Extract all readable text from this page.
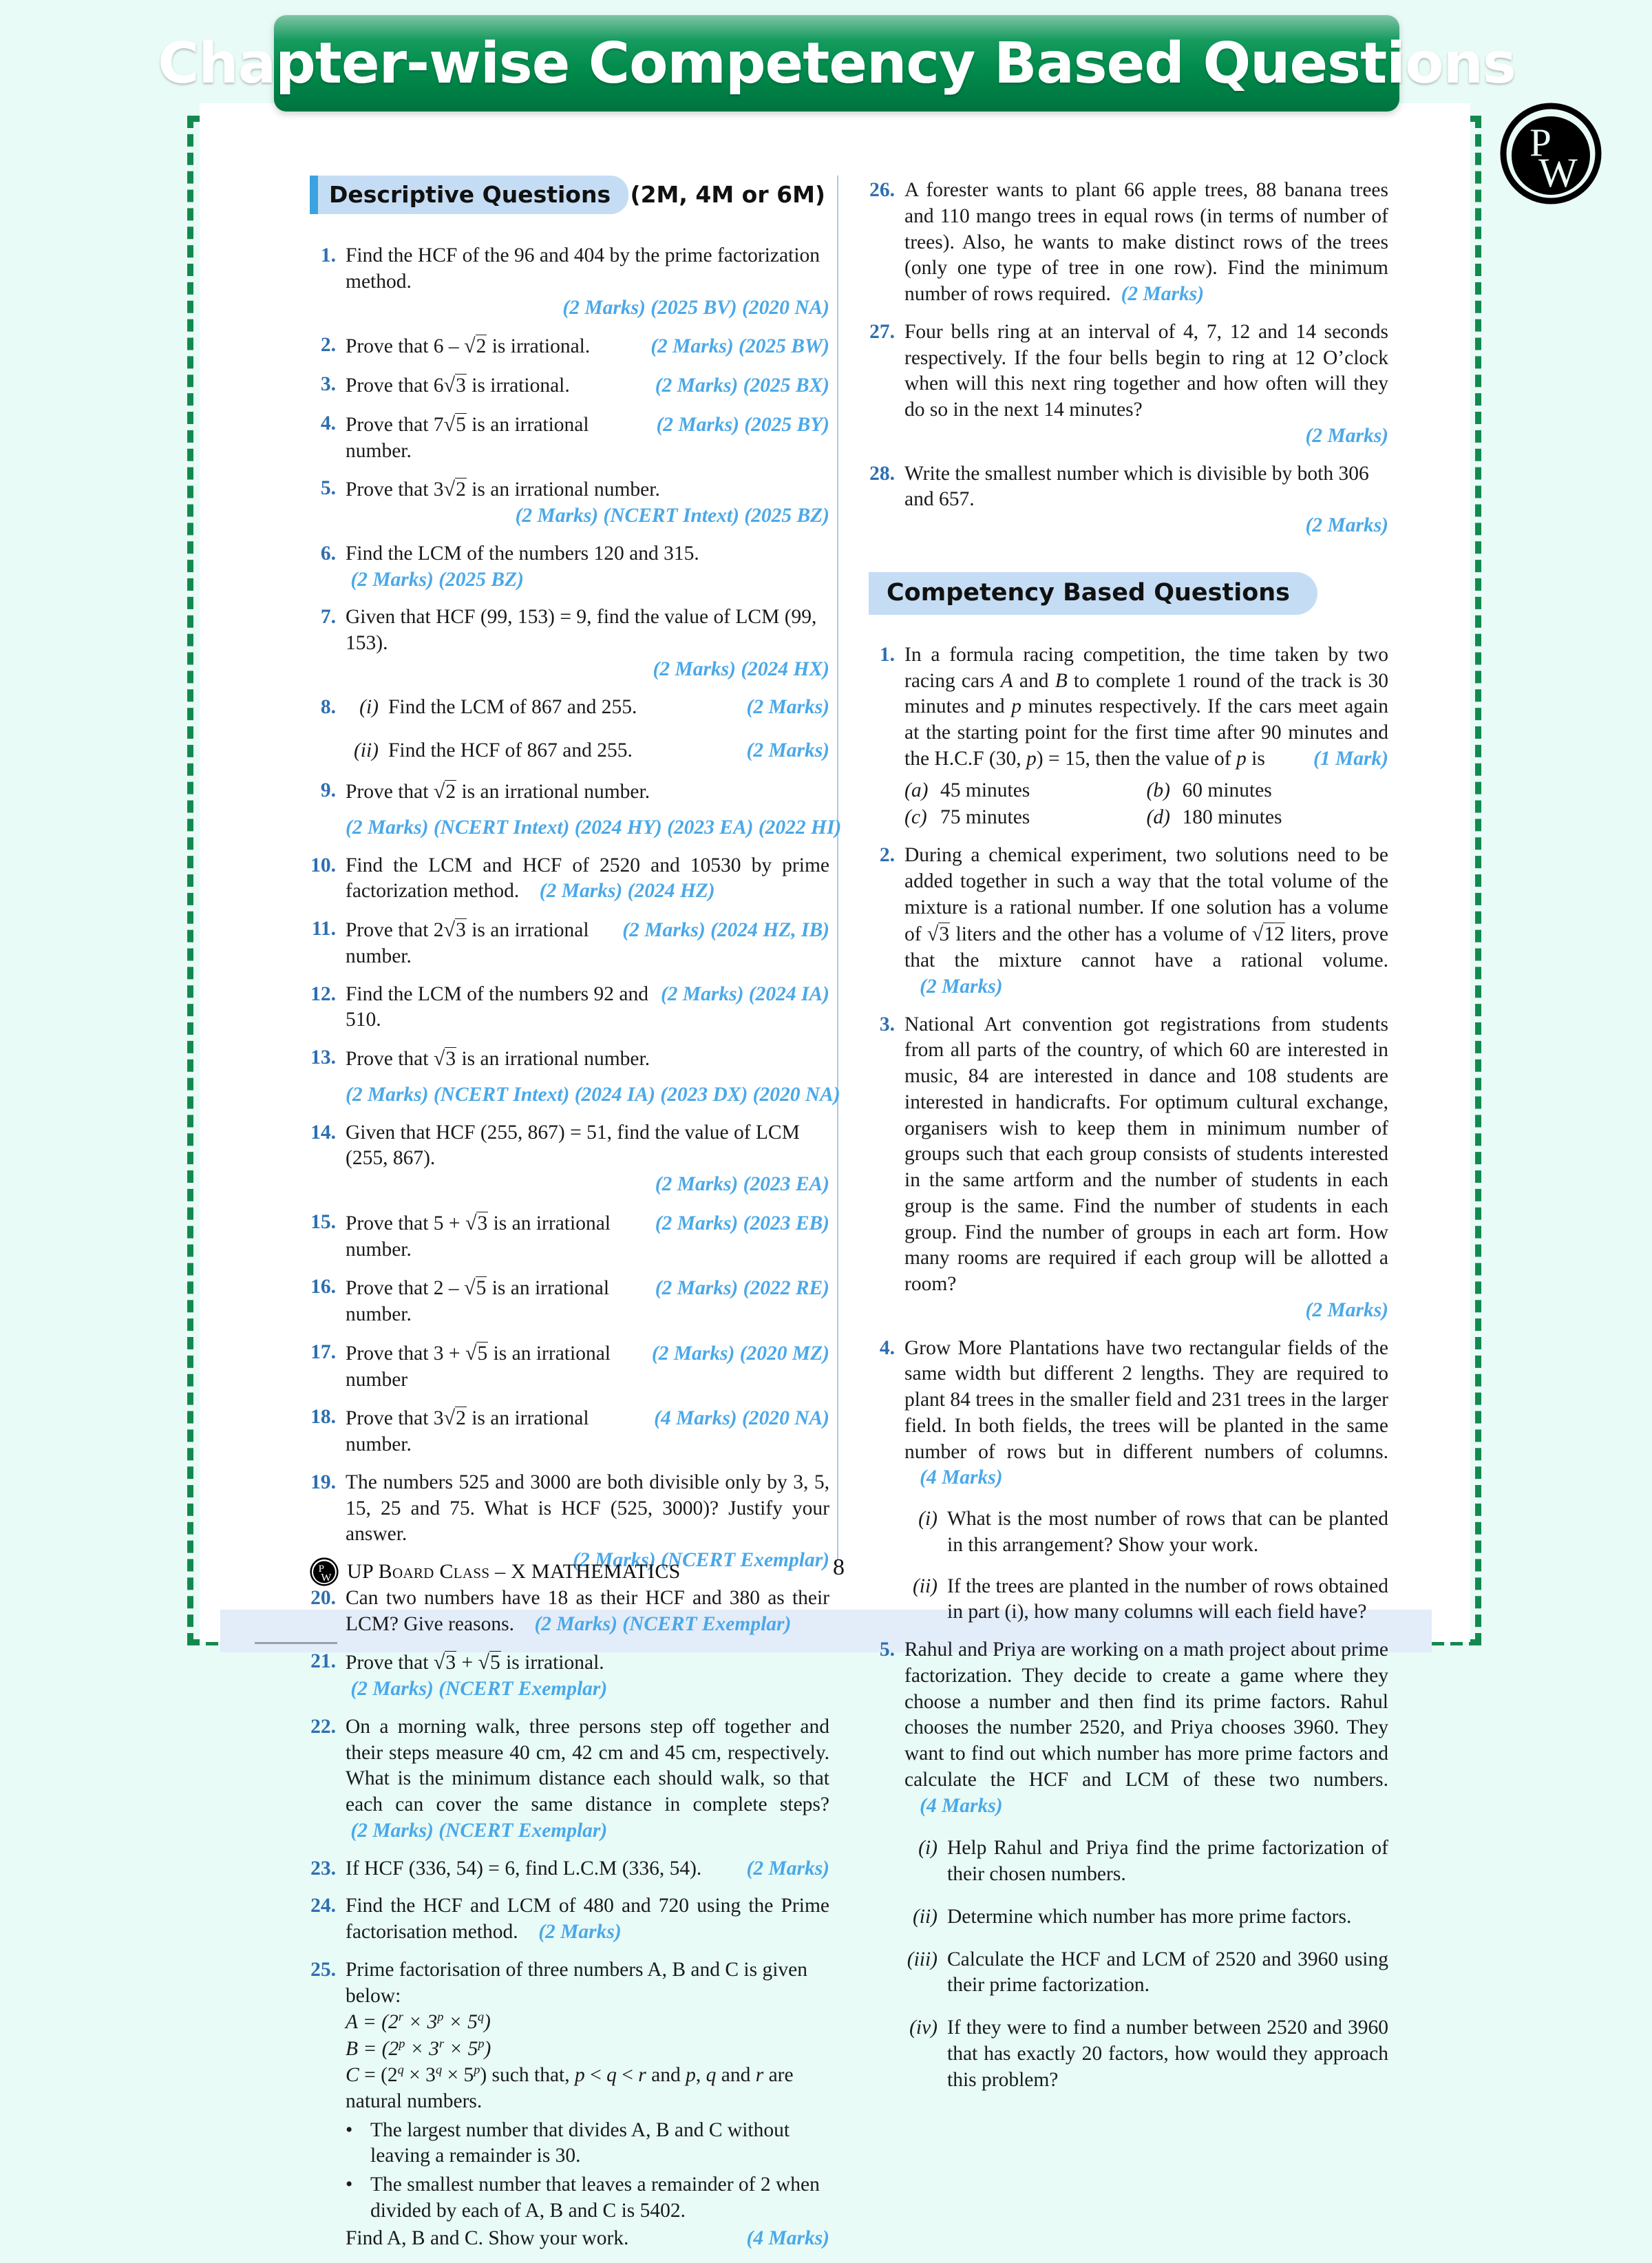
Chapter-wise Competency Based Questions
P
W
Descriptive Questions (2M, 4M or 6M)
1. Find the HCF of the 96 and 404 by the prime factorization method.
(2 Marks) (2025 BV) (2020 NA)
2. Prove that 6 – √2 is irrational.	(2 Marks) (2025 BW)
3. Prove that 6√3 is irrational.	(2 Marks) (2025 BX)
4. Prove that 7√5 is an irrational number.
(2 Marks) (2025 BY)
5. Prove that 3√2 is an irrational number.
(2 Marks) (NCERT Intext) (2025 BZ)
6. Find the LCM of the numbers 120 and 315.  (2 Marks) (2025 BZ)
7. Given that HCF (99, 153) = 9, find the value of LCM (99, 153).
(2 Marks) (2024 HX)
8.	(i) Find the LCM of 867 and 255.	(2 Marks)
(ii) Find the HCF of 867 and 255.	(2 Marks)
9. Prove that √2 is an irrational number.
(2 Marks) (NCERT Intext) (2024 HY) (2023 EA) (2022 HI)
10. Find the LCM and HCF of 2520 and 10530 by prime factorization method. (2 Marks) (2024 HZ)
11. Prove that 2√3 is an irrational number.
(2 Marks) (2024 HZ, IB)
12. Find the LCM of the numbers 92 and 510.
(2 Marks) (2024 IA)
13. Prove that √3 is an irrational number.
(2 Marks) (NCERT Intext) (2024 IA) (2023 DX) (2020 NA)
14. Given that HCF (255, 867) = 51, find the value of LCM (255, 867).
(2 Marks) (2023 EA)
15. Prove that 5 + √3 is an irrational number.
(2 Marks) (2023 EB)
16. Prove that 2 – √5 is an irrational number.
(2 Marks) (2022 RE)
17. Prove that 3 + √5 is an irrational number
(2 Marks) (2020 MZ)
18. Prove that 3√2 is an irrational number.
(4 Marks) (2020 NA)
19. The numbers 525 and 3000 are both divisible only by 3, 5, 15, 25 and 75. What is HCF (525, 3000)? Justify your answer.
(2 Marks) (NCERT Exemplar)
20. Can two numbers have 18 as their HCF and 380 as their LCM? Give reasons. (2 Marks) (NCERT Exemplar)
21. Prove that √3 + √5 is irrational.  (2 Marks) (NCERT Exemplar)
22. On a morning walk, three persons step off together and their steps measure 40 cm, 42 cm and 45 cm, respectively. What is the minimum distance each should walk, so that each can cover the same distance in complete steps?  (2 Marks) (NCERT Exemplar)
23. If HCF (336, 54) = 6, find L.C.M (336, 54). (2 Marks)
24. Find the HCF and LCM of 480 and 720 using the Prime factorisation method. (2 Marks)
25. Prime factorisation of three numbers A, B and C is given below:
$A = (2^r \times 3^p \times 5^q)$
$B = (2^p \times 3^r \times 5^p)$
$C = (2^q \times 3^q \times 5^p)$ such that, p < q < r and p, q and r are natural numbers.
• The largest number that divides A, B and C without leaving a remainder is 30.
• The smallest number that leaves a remainder of 2 when divided by each of A, B and C is 5402.
Find A, B and C. Show your work.	(4 Marks)
26. A forester wants to plant 66 apple trees, 88 banana trees and 110 mango trees in equal rows (in terms of number of trees). Also, he wants to make distinct rows of the trees (only one type of tree in one row). Find the minimum number of rows required. (2 Marks)
27. Four bells ring at an interval of 4, 7, 12 and 14 seconds respectively. If the four bells begin to ring at 12 O’clock when will this next ring together and how often will they do so in the next 14 minutes?
(2 Marks)
28. Write the smallest number which is divisible by both 306 and 657.
(2 Marks)
Competency Based Questions
1. In a formula racing competition, the time taken by two racing cars A and B to complete 1 round of the track is 30 minutes and p minutes respectively. If the cars meet again at the starting point for the first time after 90 minutes and the H.C.F (30, p) = 15, then the value of p is (1 Mark)
(a) 45 minutes	(b) 60 minutes
(c) 75 minutes	(d) 180 minutes
2. During a chemical experiment, two solutions need to be added together in such a way that the total volume of the mixture is a rational number. If one solution has a volume of √3 liters and the other has a volume of √12 liters, prove that the mixture cannot have a rational volume.    (2 Marks)
3. National Art convention got registrations from students from all parts of the country, of which 60 are interested in music, 84 are interested in dance and 108 students are interested in handicrafts. For optimum cultural exchange, organisers wish to keep them in minimum number of groups such that each group consists of students interested in the same artform and the number of students in each group is the same. Find the number of students in each group. Find the number of groups in each art form. How many rooms are required if each group will be allotted a room?
(2 Marks)
4. Grow More Plantations have two rectangular fields of the same width but different 2 lengths. They are required to plant 84 trees in the smaller field and 231 trees in the larger field. In both fields, the trees will be planted in the same number of rows but in different numbers of columns.    (4 Marks)
(i) What is the most number of rows that can be planted in this arrangement? Show your work.
(ii) If the trees are planted in the number of rows obtained in part (i), how many columns will each field have?
5. Rahul and Priya are working on a math project about prime factorization. They decide to create a game where they choose a number and then find its prime factors. Rahul chooses the number 2520, and Priya chooses 3960. They want to find out which number has more prime factors and calculate the HCF and LCM of these two numbers.    (4 Marks)
(i) Help Rahul and Priya find the prime factorization of their chosen numbers.
(ii) Determine which number has more prime factors.
(iii) Calculate the HCF and LCM of 2520 and 3960 using their prime factorization.
(iv) If they were to find a number between 2520 and 3960 that has exactly 20 factors, how would they approach this problem?
P
W UP Board Class – X MATHEMATICS	8
